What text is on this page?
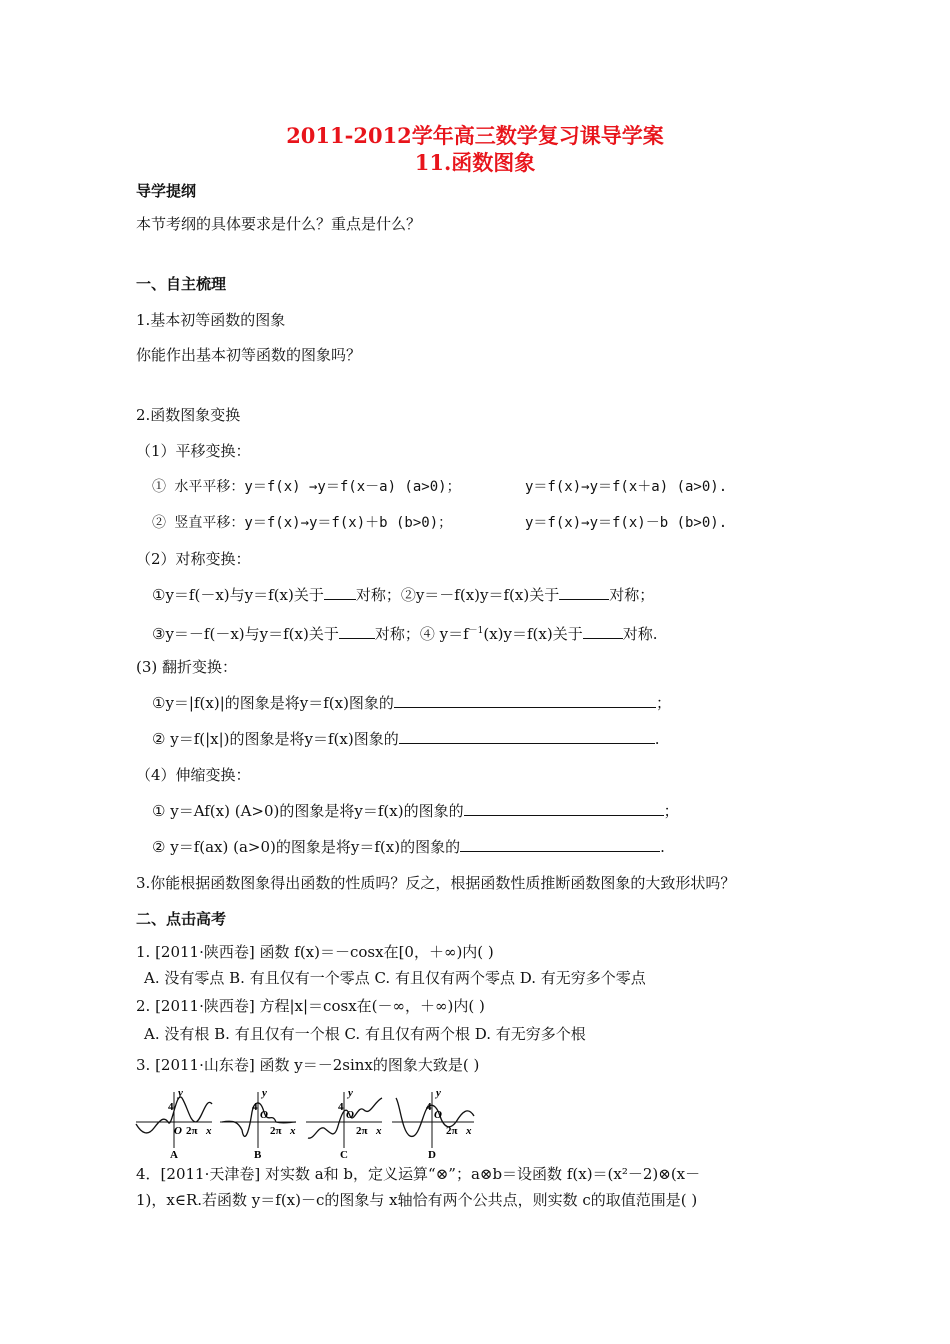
2011-2012学年高三数学复习课导学案
11.函数图象
导学提纲
本节考纲的具体要求是什么？重点是什么？
一、自主梳理
1.基本初等函数的图象
你能作出基本初等函数的图象吗？
2.函数图象变换
（1）平移变换：
① 水平平移：y＝f(x) →y＝f(x－a) (a>0)；	y＝f(x)→y＝f(x＋a) (a>0).
② 竖直平移：y＝f(x)→y＝f(x)＋b (b>0)；	y＝f(x)→y＝f(x)－b (b>0).
（2）对称变换：
①y＝f(－x)与y＝f(x)关于 对称；②y＝－f(x)y＝f(x)关于	对称；
③y＝－f(－x)与y＝f(x)关于 对称；④ $y=f^{-1}(x)y=f(x)$关于	对称.
(3) 翻折变换：
①y＝|f(x)|的图象是将y＝f(x)图象的	；
② y＝f(|x|)的图象是将y＝f(x)图象的	.
（4）伸缩变换：
① y＝Af(x) (A>0)的图象是将y＝f(x)的图象的	；
② y＝f(ax) (a>0)的图象是将y＝f(x)的图象的	.
3.你能根据函数图象得出函数的性质吗？反之，根据函数性质推断函数图象的大致形状吗？
二、点击高考
1. [2011·陕西卷] 函数 f(x)＝－cosx在[0，＋∞)内( )
A. 没有零点 B. 有且仅有一个零点 C. 有且仅有两个零点 D. 有无穷多个零点
2. [2011·陕西卷] 方程|x|＝cosx在(－∞，＋∞)内( )
A. 没有根 B. 有且仅有一个根 C. 有且仅有两个根 D. 有无穷多个根
3. [2011·山东卷] 函数 y＝－2sinx的图象大致是( )
y
4
O 2π x
A
y
4
O
2π x
B
y
4
O
2π x
C
y
4
O
2π x
D
4．[2011·天津卷] 对实数 a和 b，定义运算“⊗”；a⊗b＝设函数 f(x)＝(x²－2)⊗(x－
1)，x∈R.若函数 y＝f(x)－c的图象与 x轴恰有两个公共点，则实数 c的取值范围是( )
